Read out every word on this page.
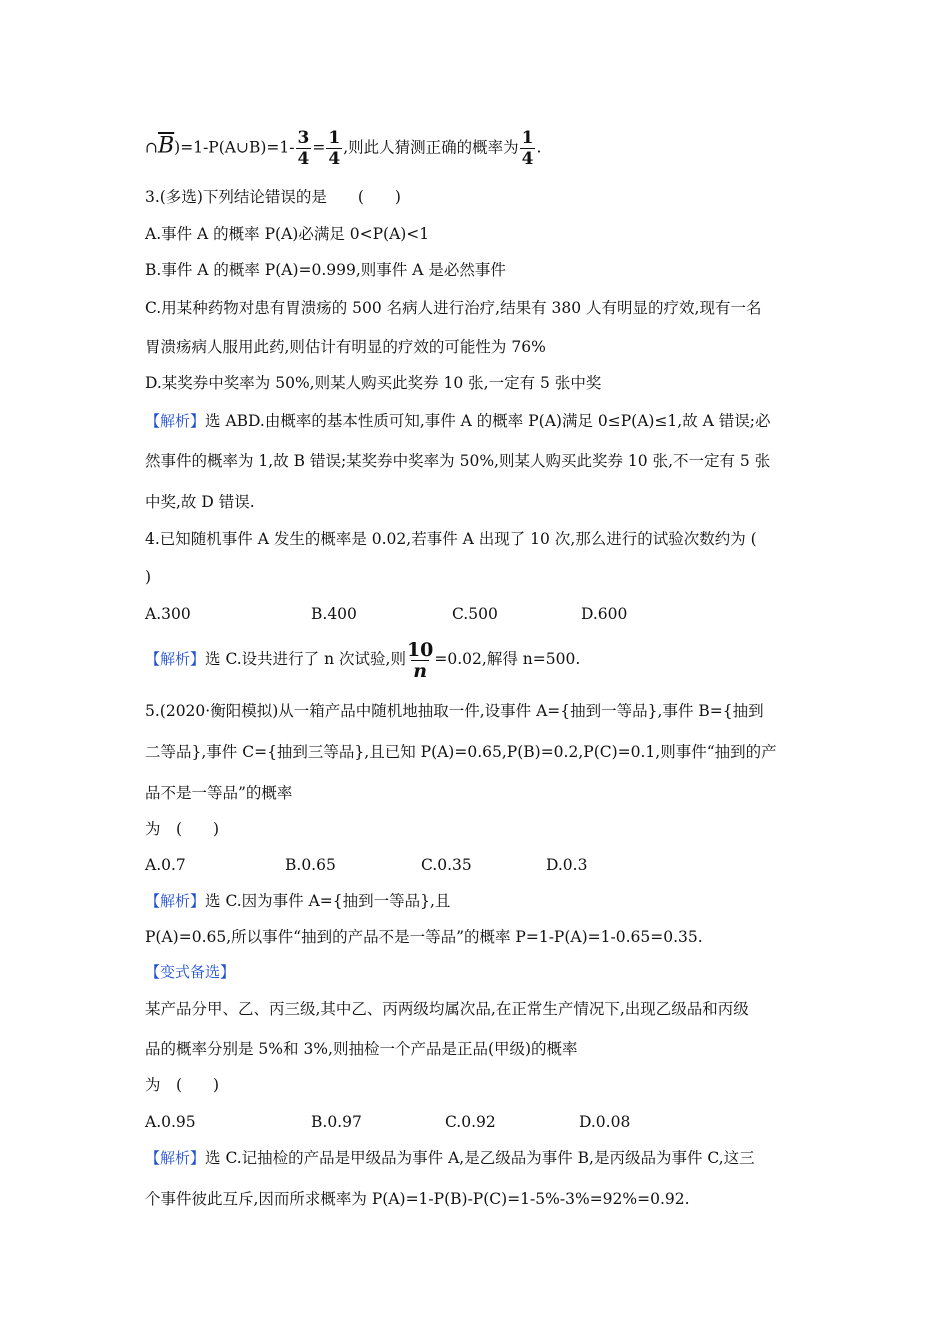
$\cap\overline{B})=1-P(A\cup B)=1- \frac{3}{4} = \frac{1}{4}$ ,则此人猜测正确的概率为 $\frac{1}{4}$ .
3.(多选)下列结论错误的是　　(　　)
A.事件 A 的概率 P(A)必满足 0<P(A)<1
B.事件 A 的概率 P(A)=0.999,则事件 A 是必然事件
C.用某种药物对患有胃溃疡的 500 名病人进行治疗,结果有 380 人有明显的疗效,现有一名
胃溃疡病人服用此药,则估计有明显的疗效的可能性为 76%
D.某奖券中奖率为 50%,则某人购买此奖券 10 张,一定有 5 张中奖
【解析】选 ABD.由概率的基本性质可知,事件 A 的概率 P(A)满足 0≤P(A)≤1,故 A 错误;必
然事件的概率为 1,故 B 错误;某奖券中奖率为 50%,则某人购买此奖券 10 张,不一定有 5 张
中奖,故 D 错误.
4.已知随机事件 A 发生的概率是 0.02,若事件 A 出现了 10 次,那么进行的试验次数约为 (
)
A.300	B.400	C.500	D.600
【解析】选 C.设共进行了 n 次试验,则 $\frac{10}{n} =0.02$,解得 n=500.
5.(2020·衡阳模拟)从一箱产品中随机地抽取一件,设事件 A={抽到一等品},事件 B={抽到
二等品},事件 C={抽到三等品},且已知 P(A)=0.65,P(B)=0.2,P(C)=0.1,则事件“抽到的产
品不是一等品”的概率
为　(　　)
A.0.7	B.0.65	C.0.35	D.0.3
【解析】选 C.因为事件 A={抽到一等品},且
P(A)=0.65,所以事件“抽到的产品不是一等品”的概率 P=1-P(A)=1-0.65=0.35.
【变式备选】
某产品分甲、乙、丙三级,其中乙、丙两级均属次品,在正常生产情况下,出现乙级品和丙级
品的概率分别是 5%和 3%,则抽检一个产品是正品(甲级)的概率
为　(　　)
A.0.95	B.0.97	C.0.92	D.0.08
【解析】选 C.记抽检的产品是甲级品为事件 A,是乙级品为事件 B,是丙级品为事件 C,这三
个事件彼此互斥,因而所求概率为 P(A)=1-P(B)-P(C)=1-5%-3%=92%=0.92.
